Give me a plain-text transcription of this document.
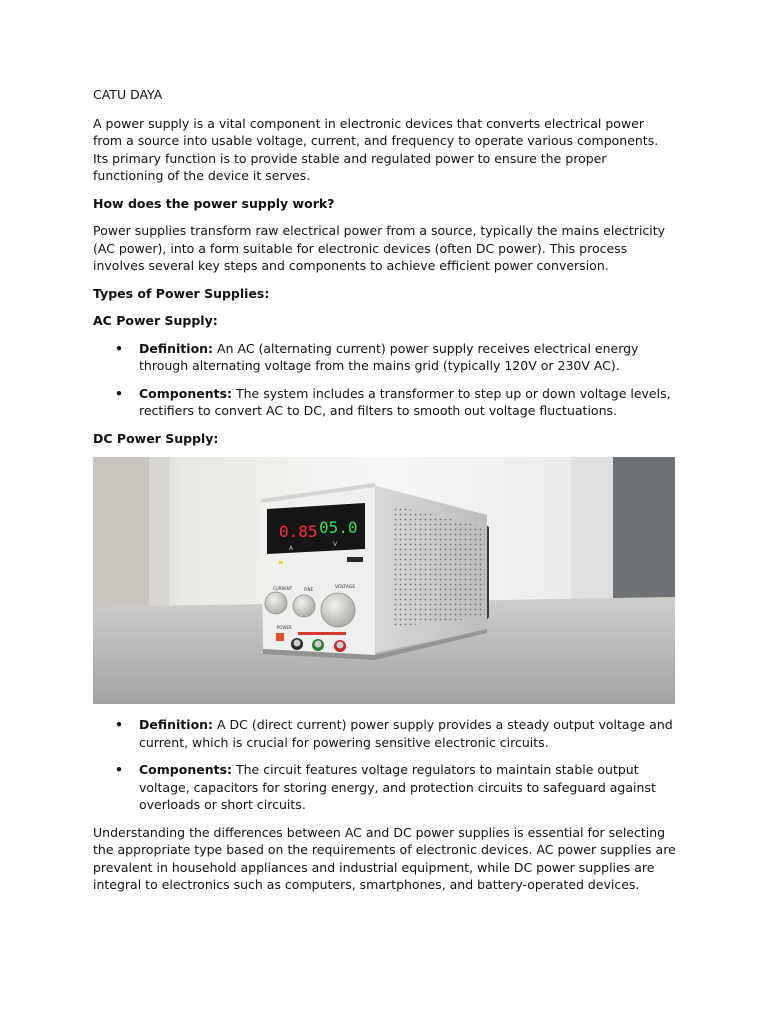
CATU DAYA

A power supply is a vital component in electronic devices that converts electrical power from a source into usable voltage, current, and frequency to operate various components. Its primary function is to provide stable and regulated power to ensure the proper functioning of the device it serves.

How does the power supply work?

Power supplies transform raw electrical power from a source, typically the mains electricity (AC power), into a form suitable for electronic devices (often DC power). This process involves several key steps and components to achieve efficient power conversion.

Types of Power Supplies:

AC Power Supply:

• Definition: An AC (alternating current) power supply receives electrical energy through alternating voltage from the mains grid (typically 120V or 230V AC).
• Components: The system includes a transformer to step up or down voltage levels, rectifiers to convert AC to DC, and filters to smooth out voltage fluctuations.

DC Power Supply:

0.85 05.0
A
V
CURRENT	FINE	VOLTAGE
POWER
• Definition: A DC (direct current) power supply provides a steady output voltage and current, which is crucial for powering sensitive electronic circuits.
• Components: The circuit features voltage regulators to maintain stable output voltage, capacitors for storing energy, and protection circuits to safeguard against overloads or short circuits.

Understanding the differences between AC and DC power supplies is essential for selecting the appropriate type based on the requirements of electronic devices. AC power supplies are prevalent in household appliances and industrial equipment, while DC power supplies are integral to electronics such as computers, smartphones, and battery-operated devices.
